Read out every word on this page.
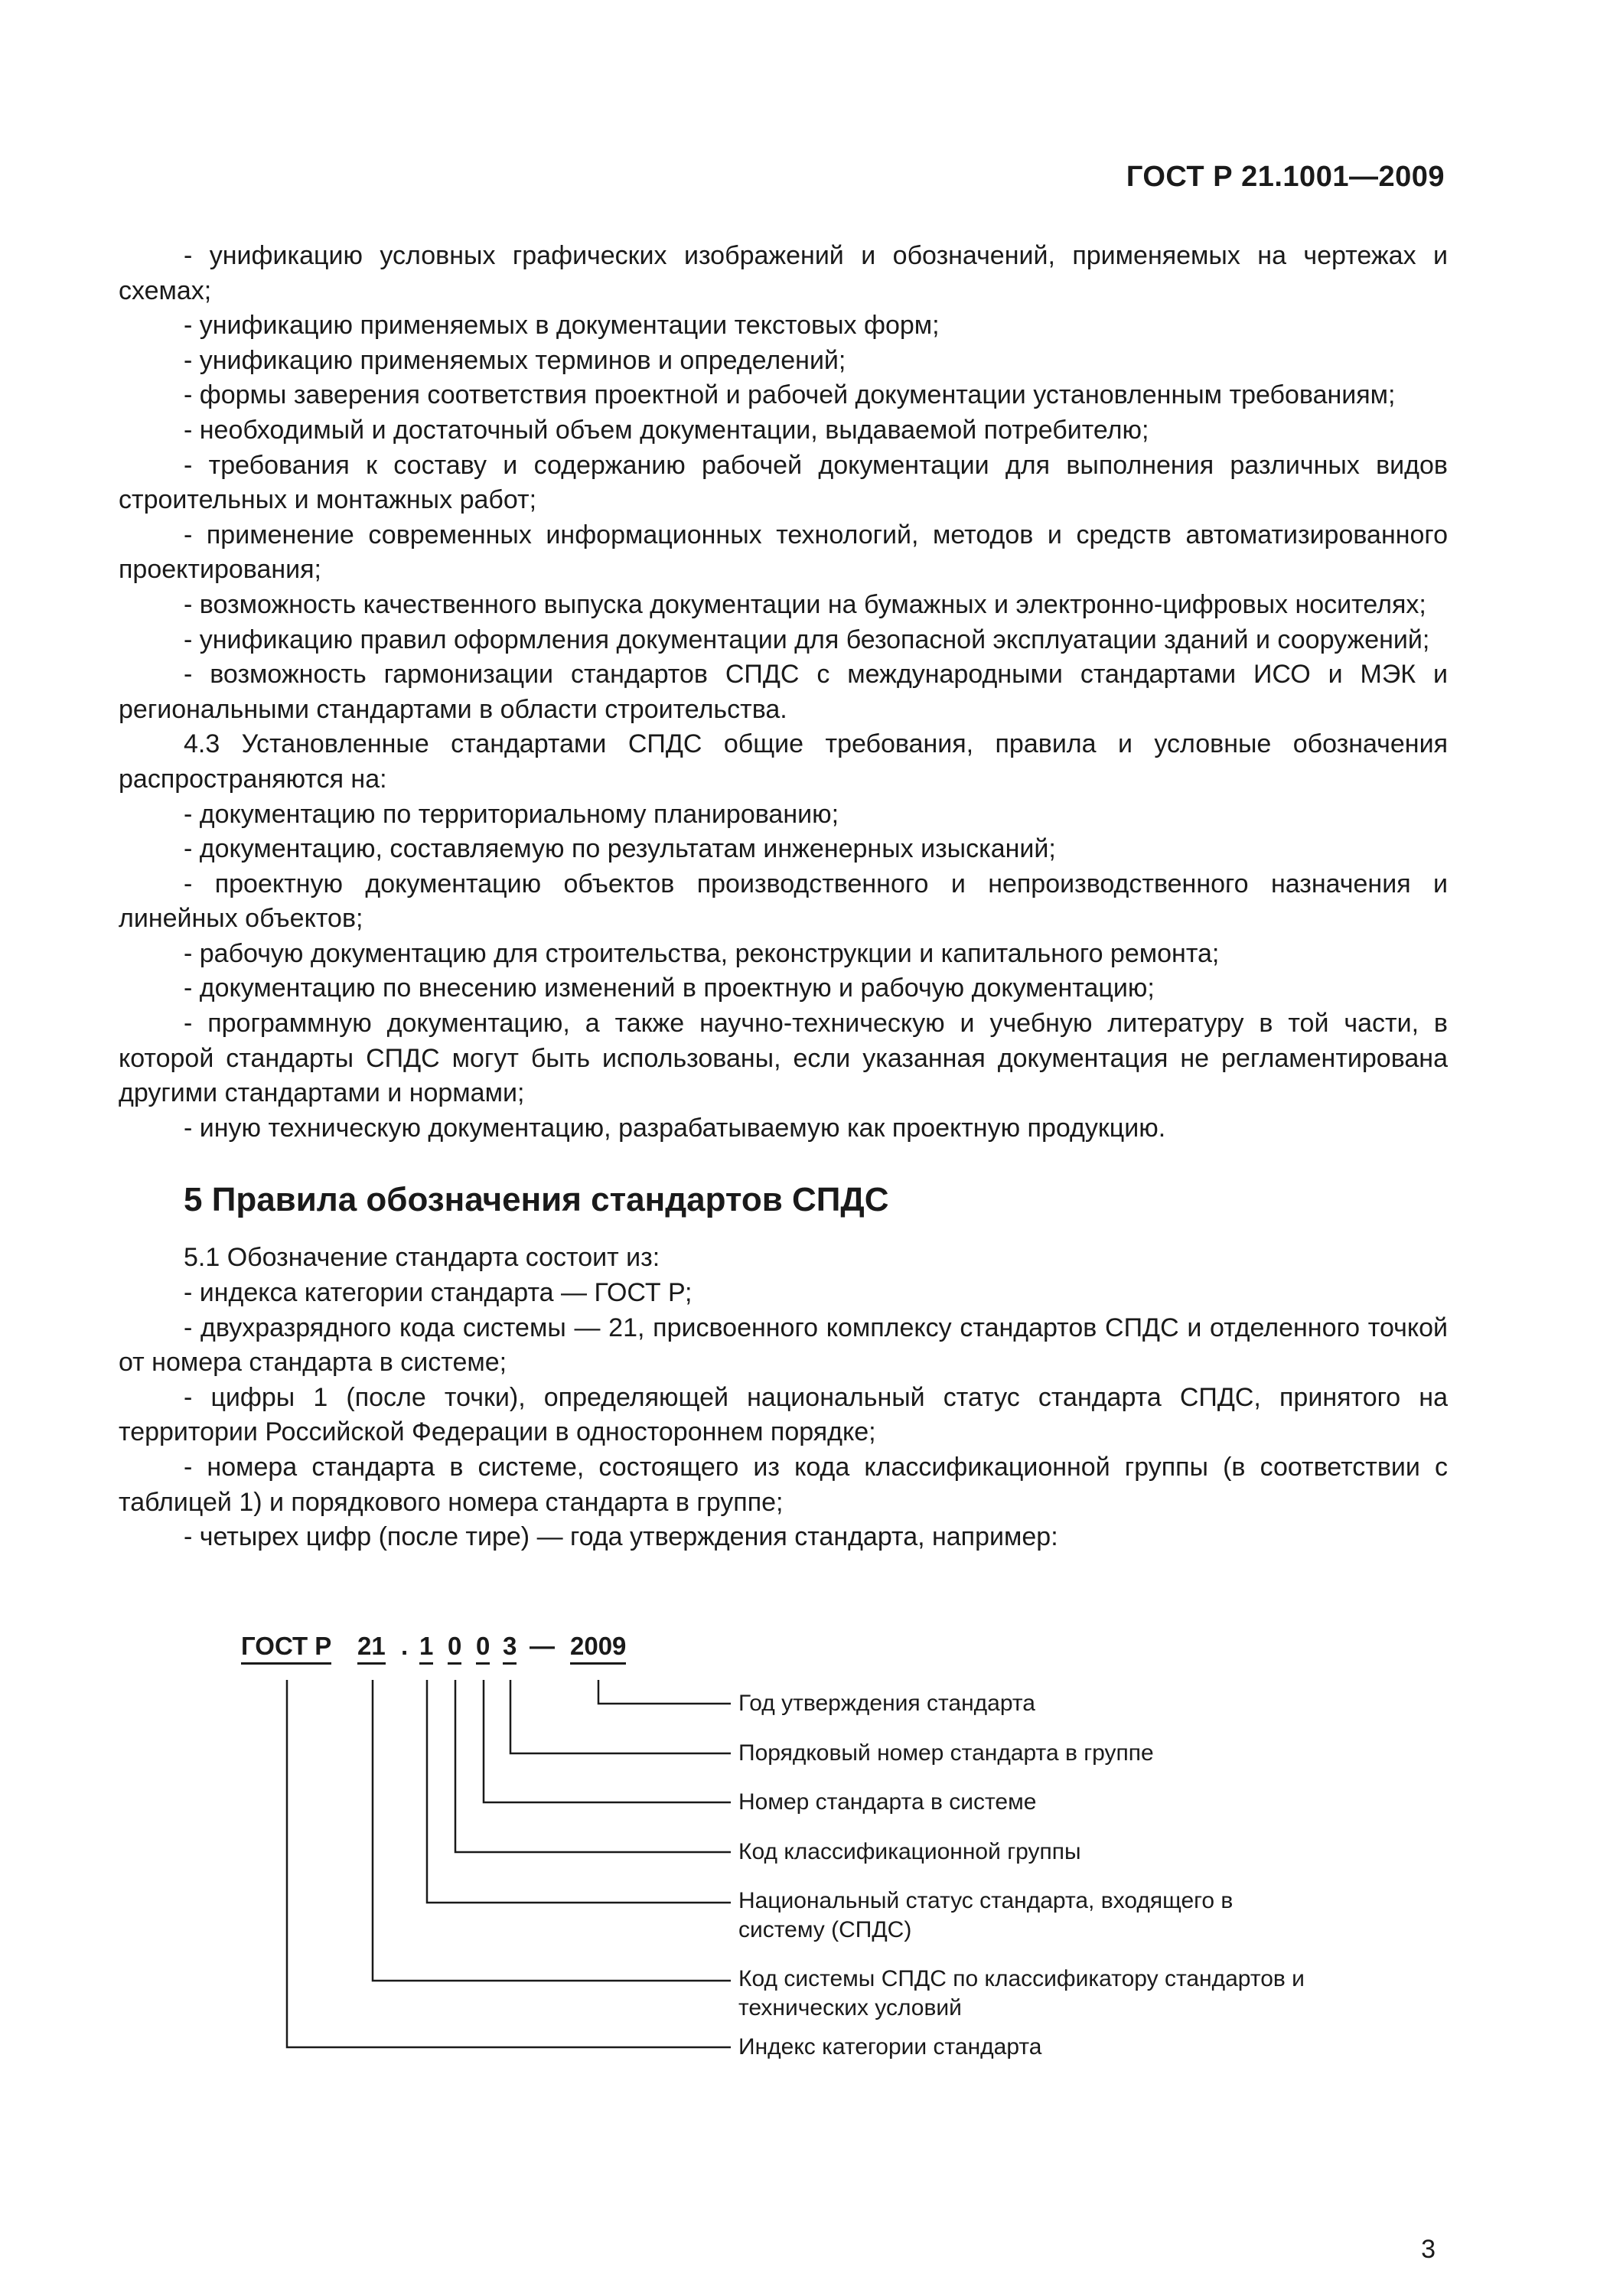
ГОСТ Р 21.1001—2009

- унификацию условных графических изображений и обозначений, применяемых на чертежах и схемах;

- унификацию применяемых в документации текстовых форм;

- унификацию применяемых терминов и определений;

- формы заверения соответствия проектной и рабочей документации установленным требованиям;

- необходимый и достаточный объем документации, выдаваемой потребителю;

- требования к составу и содержанию рабочей документации для выполнения различных видов строительных и монтажных работ;

- применение современных информационных технологий, методов и средств автоматизированного проектирования;

- возможность качественного выпуска документации на бумажных и электронно-цифровых носителях;

- унификацию правил оформления документации для безопасной эксплуатации зданий и сооружений;

- возможность гармонизации стандартов СПДС с международными стандартами ИСО и МЭК и региональными стандартами в области строительства.

4.3 Установленные стандартами СПДС общие требования, правила и условные обозначения распространяются на:

- документацию по территориальному планированию;

- документацию, составляемую по результатам инженерных изысканий;

- проектную документацию объектов производственного и непроизводственного назначения и линейных объектов;

- рабочую документацию для строительства, реконструкции и капитального ремонта;

- документацию по внесению изменений в проектную и рабочую документацию;

- программную документацию, а также научно-техническую и учебную литературу в той части, в которой стандарты СПДС могут быть использованы, если указанная документация не регламентирована другими стандартами и нормами;

- иную техническую документацию, разрабатываемую как проектную продукцию.

5 Правила обозначения стандартов СПДС

5.1 Обозначение стандарта состоит из:

- индекса категории стандарта — ГОСТ Р;

- двухразрядного кода системы — 21, присвоенного комплексу стандартов СПДС и отделенного точкой от номера стандарта в системе;

- цифры 1 (после точки), определяющей национальный статус стандарта СПДС, принятого на территории Российской Федерации в одностороннем порядке;

- номера стандарта в системе, состоящего из кода классификационной группы (в соответствии с таблицей 1) и порядкового номера стандарта в группе;

- четырех цифр (после тире) — года утверждения стандарта, например:

ГОСТ Р 21 . 1 0 0 3 — 2009
Год утверждения стандарта
Порядковый номер стандарта в группе
Номер стандарта в системе
Код классификационной группы
Национальный статус стандарта, входящего в систему (СПДС)
Код системы СПДС по классификатору стандартов и технических условий
Индекс категории стандарта
3
